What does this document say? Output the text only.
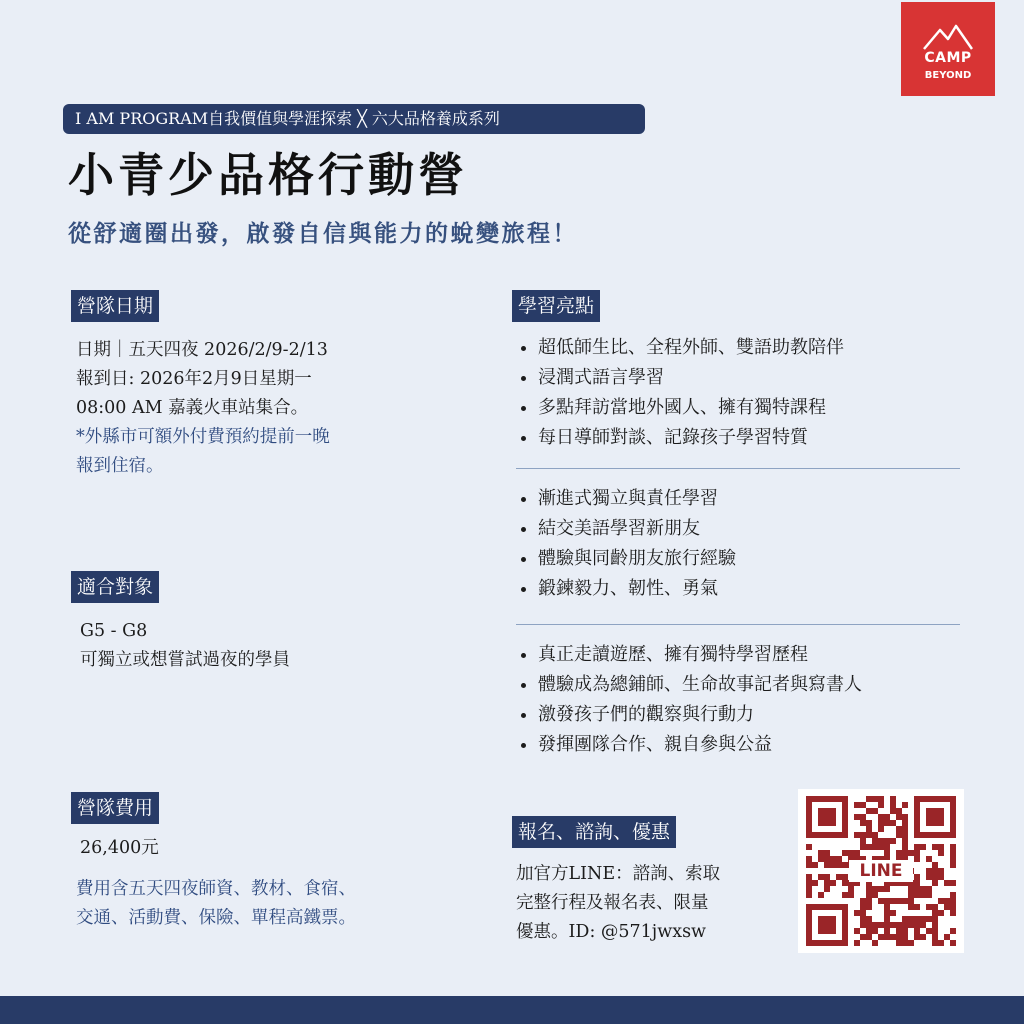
CAMP
BEYOND
I AM PROGRAM自我價值與學涯探索 ╳ 六大品格養成系列
小青少品格行動營
從舒適圈出發，啟發自信與能力的蛻變旅程！
營隊日期
日期｜五天四夜 2026/2/9-2/13
報到日: 2026年2月9日星期一
08:00 AM 嘉義火車站集合。
*外縣市可額外付費預約提前一晚
報到住宿。
適合對象
G5 - G8
可獨立或想嘗試過夜的學員
營隊費用
26,400元
費用含五天四夜師資、教材、食宿、
交通、活動費、保險、單程高鐵票。
學習亮點
超低師生比、全程外師、雙語助教陪伴
浸潤式語言學習
多點拜訪當地外國人、擁有獨特課程
每日導師對談、記錄孩子學習特質
漸進式獨立與責任學習
結交美語學習新朋友
體驗與同齡朋友旅行經驗
鍛鍊毅力、韌性、勇氣
真正走讀遊歷、擁有獨特學習歷程
體驗成為總鋪師、生命故事記者與寫書人
激發孩子們的觀察與行動力
發揮團隊合作、親自參與公益
報名、諮詢、優惠
加官方LINE：諮詢、索取
完整行程及報名表、限量
優惠。ID: @571jwxsw
LINE
